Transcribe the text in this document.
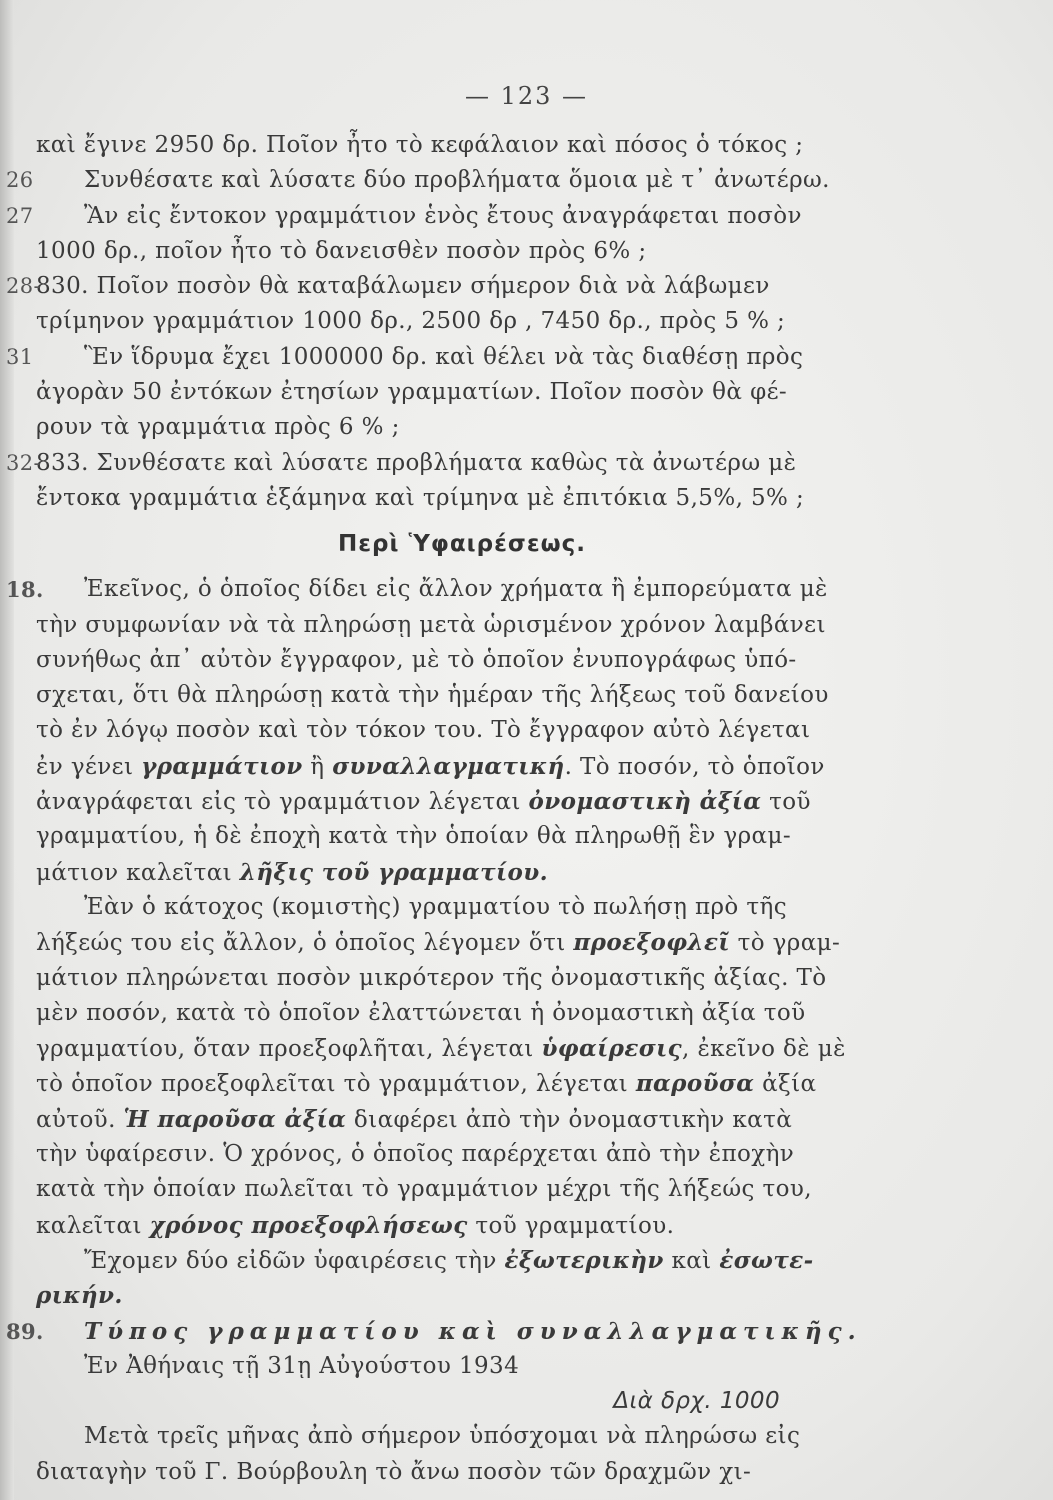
— 123 —
καὶ ἔγινε 2950 δρ. Ποῖον ἦτο τὸ κεφάλαιον καὶ πόσος ὁ τόκος ;
26 Συνθέσατε καὶ λύσατε δύο προβλήματα ὅμοια μὲ τ᾽ ἀνωτέρω.
27 Ἂν εἰς ἔντοκον γραμμάτιον ἑνὸς ἔτους ἀναγράφεται ποσὸν
1000 δρ., ποῖον ἦτο τὸ δανεισθὲν ποσὸν πρὸς 6% ;
28-
830. Ποῖον ποσὸν θὰ καταβάλωμεν σήμερον διὰ νὰ λάβωμεν
τρίμηνον γραμμάτιον 1000 δρ., 2500 δρ , 7450 δρ., πρὸς 5 % ;
31 Ἓν ἵδρυμα ἔχει 1000000 δρ. καὶ θέλει νὰ τὰς διαθέσῃ πρὸς
ἀγορὰν 50 ἐντόκων ἐτησίων γραμματίων. Ποῖον ποσὸν θὰ φέ-
ρουν τὰ γραμμάτια πρὸς 6 % ;
32-
833. Συνθέσατε καὶ λύσατε προβλήματα καθὼς τὰ ἀνωτέρω μὲ
ἔντοκα γραμμάτια ἑξάμηνα καὶ τρίμηνα μὲ ἐπιτόκια 5,5%, 5% ;
Περὶ Ὑφαιρέσεως.
18. Ἐκεῖνος, ὁ ὁποῖος δίδει εἰς ἄλλον χρήματα ἢ ἐμπορεύματα μὲ
τὴν συμφωνίαν νὰ τὰ πληρώσῃ μετὰ ὡρισμένον χρόνον λαμβάνει
συνήθως ἀπ᾽ αὐτὸν ἔγγραφον, μὲ τὸ ὁποῖον ἐνυπογράφως ὑπό-
σχεται, ὅτι θὰ πληρώσῃ κατὰ τὴν ἡμέραν τῆς λήξεως τοῦ δανείου
τὸ ἐν λόγῳ ποσὸν καὶ τὸν τόκον του. Τὸ ἔγγραφον αὐτὸ λέγεται
ἐν γένει γραμμάτιον ἢ συναλλαγματική. Τὸ ποσόν, τὸ ὁποῖον
ἀναγράφεται εἰς τὸ γραμμάτιον λέγεται ὀνομαστικὴ ἀξία τοῦ
γραμματίου, ἡ δὲ ἐποχὴ κατὰ τὴν ὁποίαν θὰ πληρωθῇ ἓν γραμ-
μάτιον καλεῖται λῆξις τοῦ γραμματίου.
Ἐὰν ὁ κάτοχος (κομιστὴς) γραμματίου τὸ πωλήσῃ πρὸ τῆς
λήξεώς του εἰς ἄλλον, ὁ ὁποῖος λέγομεν ὅτι προεξοφλεῖ τὸ γραμ-
μάτιον πληρώνεται ποσὸν μικρότερον τῆς ὀνομαστικῆς ἀξίας. Τὸ
μὲν ποσόν, κατὰ τὸ ὁποῖον ἐλαττώνεται ἡ ὀνομαστικὴ ἀξία τοῦ
γραμματίου, ὅταν προεξοφλῆται, λέγεται ὑφαίρεσις, ἐκεῖνο δὲ μὲ
τὸ ὁποῖον προεξοφλεῖται τὸ γραμμάτιον, λέγεται παροῦσα ἀξία
αὐτοῦ. Ἡ παροῦσα ἀξία διαφέρει ἀπὸ τὴν ὀνομαστικὴν κατὰ
τὴν ὑφαίρεσιν. Ὁ χρόνος, ὁ ὁποῖος παρέρχεται ἀπὸ τὴν ἐποχὴν
κατὰ τὴν ὁποίαν πωλεῖται τὸ γραμμάτιον μέχρι τῆς λήξεώς του,
καλεῖται χρόνος προεξοφλήσεως τοῦ γραμματίου.
Ἔχομεν δύο εἰδῶν ὑφαιρέσεις τὴν ἐξωτερικὴν καὶ ἐσωτε-
ρικήν.
89. Τύπος γραμματίου καὶ συναλλαγματικῆς.
Ἐν Ἀθήναις τῇ 31ῃ Αὐγούστου 1934
Διὰ δρχ. 1000
Μετὰ τρεῖς μῆνας ἀπὸ σήμερον ὑπόσχομαι νὰ πληρώσω εἰς
διαταγὴν τοῦ Γ. Βούρβουλη τὸ ἄνω ποσὸν τῶν δραχμῶν χι-
